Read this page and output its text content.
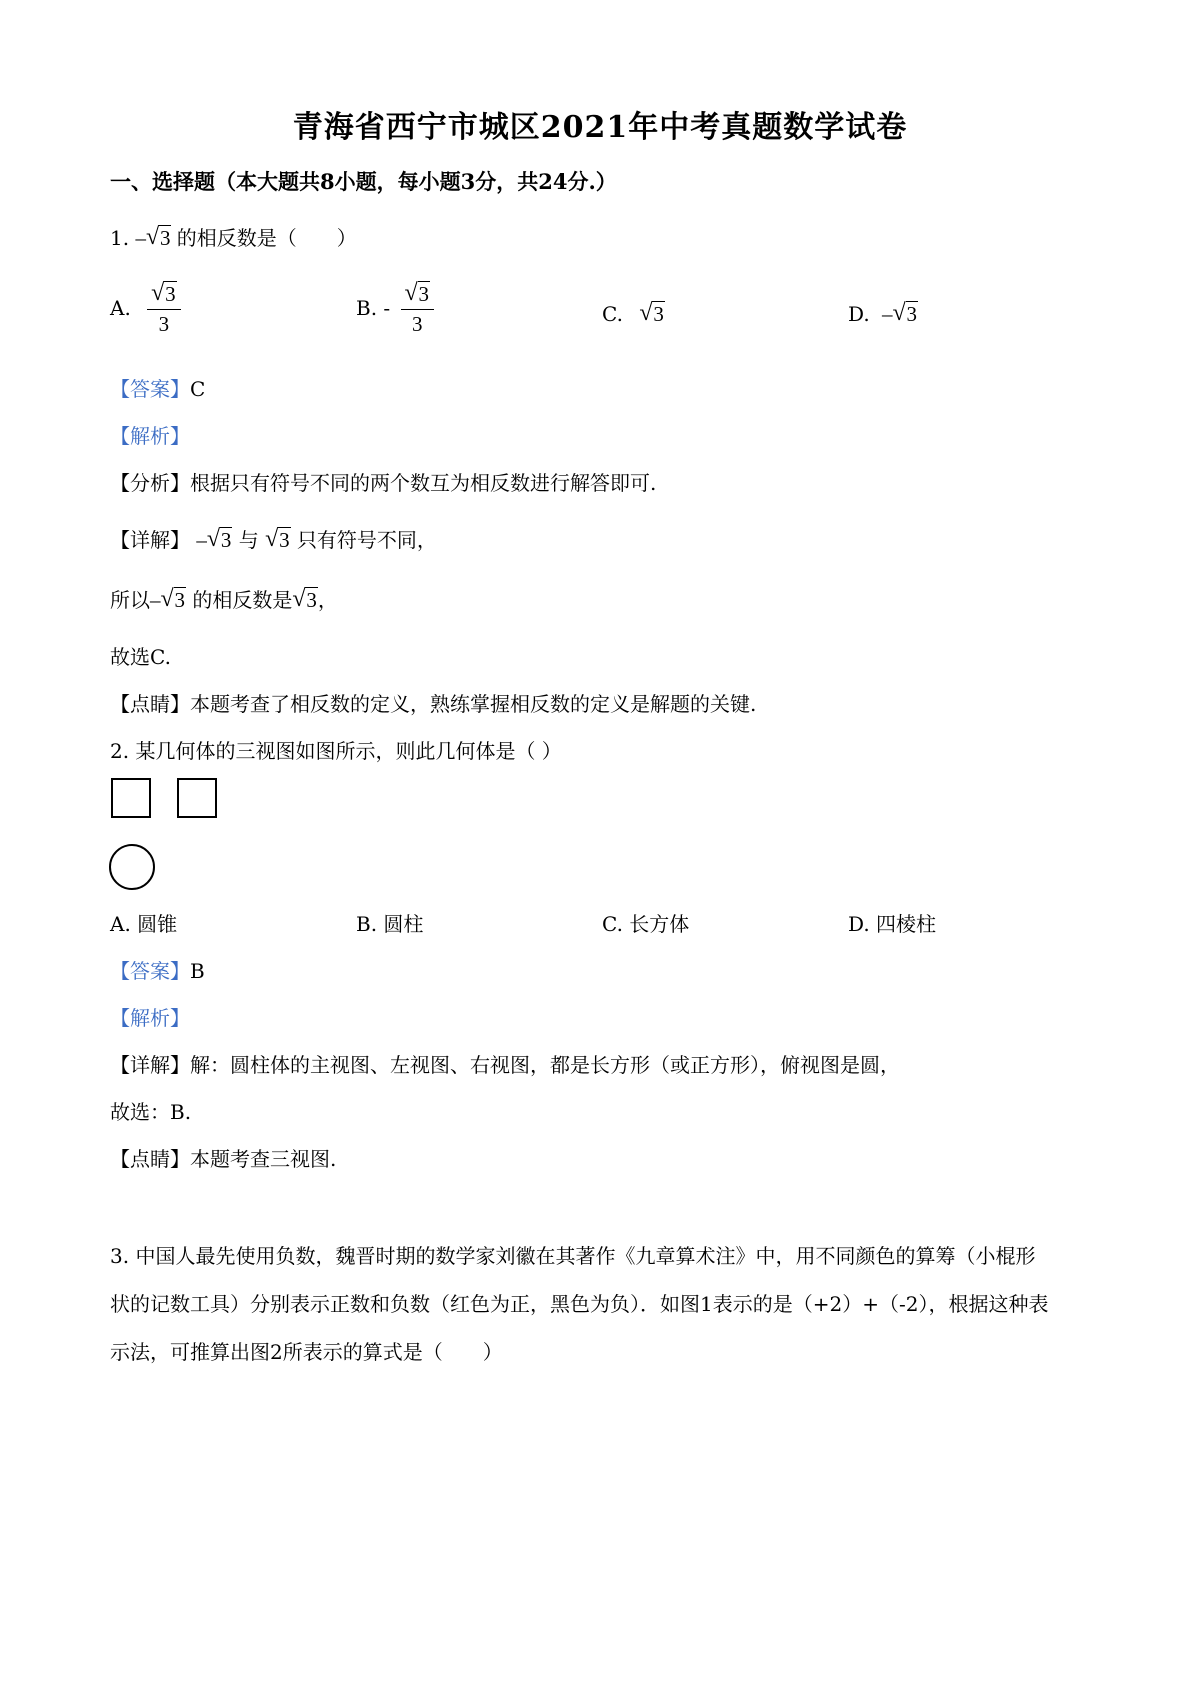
青海省西宁市城区2021年中考真题数学试卷
一、选择题（本大题共8小题，每小题3分，共24分.）
1. – √ 3 的相反数是（　　）
A. $\frac{√ 3}{3}$	B. - $\frac{√ 3}{3}$	C. √ 3	D. – √ 3
【答案】C
【解析】
【分析】根据只有符号不同的两个数互为相反数进行解答即可.
【详解】 – √ 3 与 √ 3 只有符号不同，
所以– √ 3 的相反数是 √ 3，
故选C.
【点睛】本题考查了相反数的定义，熟练掌握相反数的定义是解题的关键.
2. 某几何体的三视图如图所示，则此几何体是（ ）
A. 圆锥	B. 圆柱	C. 长方体	D. 四棱柱
【答案】B
【解析】
【详解】解：圆柱体的主视图、左视图、右视图，都是长方形（或正方形），俯视图是圆，
故选：B.
【点睛】本题考查三视图.
3. 中国人最先使用负数，魏晋时期的数学家刘徽在其著作《九章算术注》中，用不同颜色的算筹（小棍形
状的记数工具）分别表示正数和负数（红色为正，黑色为负）．如图1表示的是（+2）+（-2），根据这种表
示法，可推算出图2所表示的算式是（　　）
